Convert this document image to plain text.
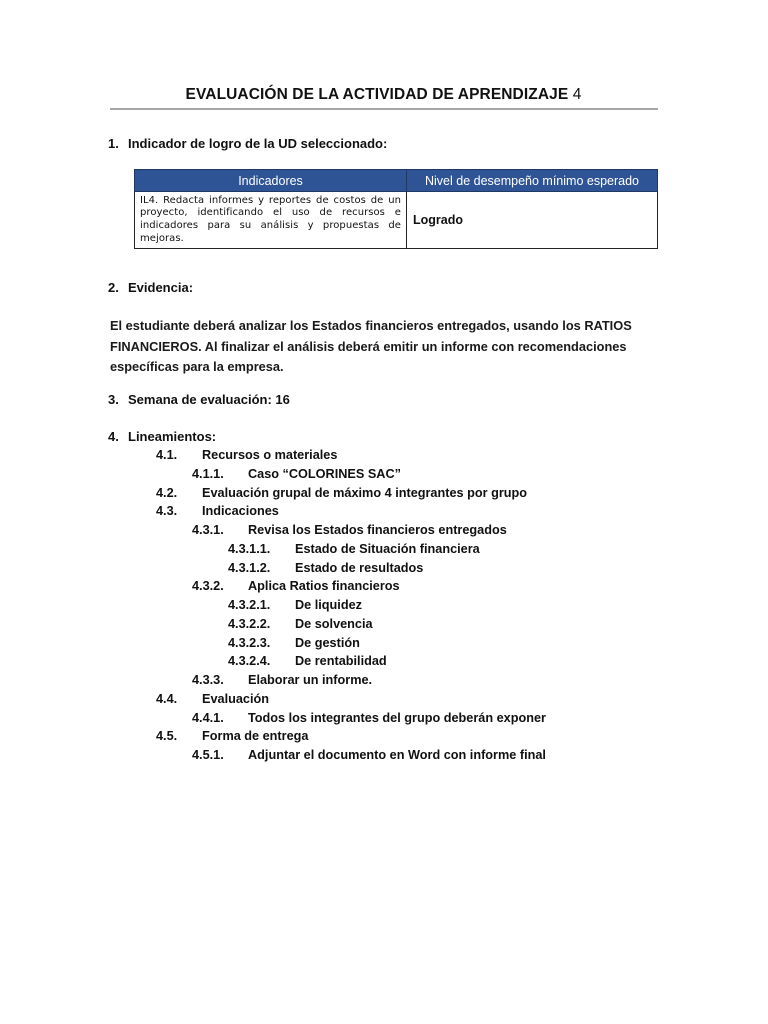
EVALUACIÓN DE LA ACTIVIDAD DE APRENDIZAJE 4
1. Indicador de logro de la UD seleccionado:
Indicadores	Nivel de desempeño mínimo esperado
IL4. Redacta informes y reportes de costos de un proyecto, identificando el uso de recursos e indicadores para su análisis y propuestas de mejoras.	Logrado
2. Evidencia:
El estudiante deberá analizar los Estados financieros entregados, usando los RATIOS FINANCIEROS. Al finalizar el análisis deberá emitir un informe con recomendaciones específicas para la empresa.
3. Semana de evaluación: 16
4. Lineamientos:
4.1. Recursos o materiales
4.1.1. Caso “COLORINES SAC”
4.2. Evaluación grupal de máximo 4 integrantes por grupo
4.3. Indicaciones
4.3.1. Revisa los Estados financieros entregados
4.3.1.1. Estado de Situación financiera
4.3.1.2. Estado de resultados
4.3.2. Aplica Ratios financieros
4.3.2.1. De liquidez
4.3.2.2. De solvencia
4.3.2.3. De gestión
4.3.2.4. De rentabilidad
4.3.3. Elaborar un informe.
4.4. Evaluación
4.4.1. Todos los integrantes del grupo deberán exponer
4.5. Forma de entrega
4.5.1. Adjuntar el documento en Word con informe final
